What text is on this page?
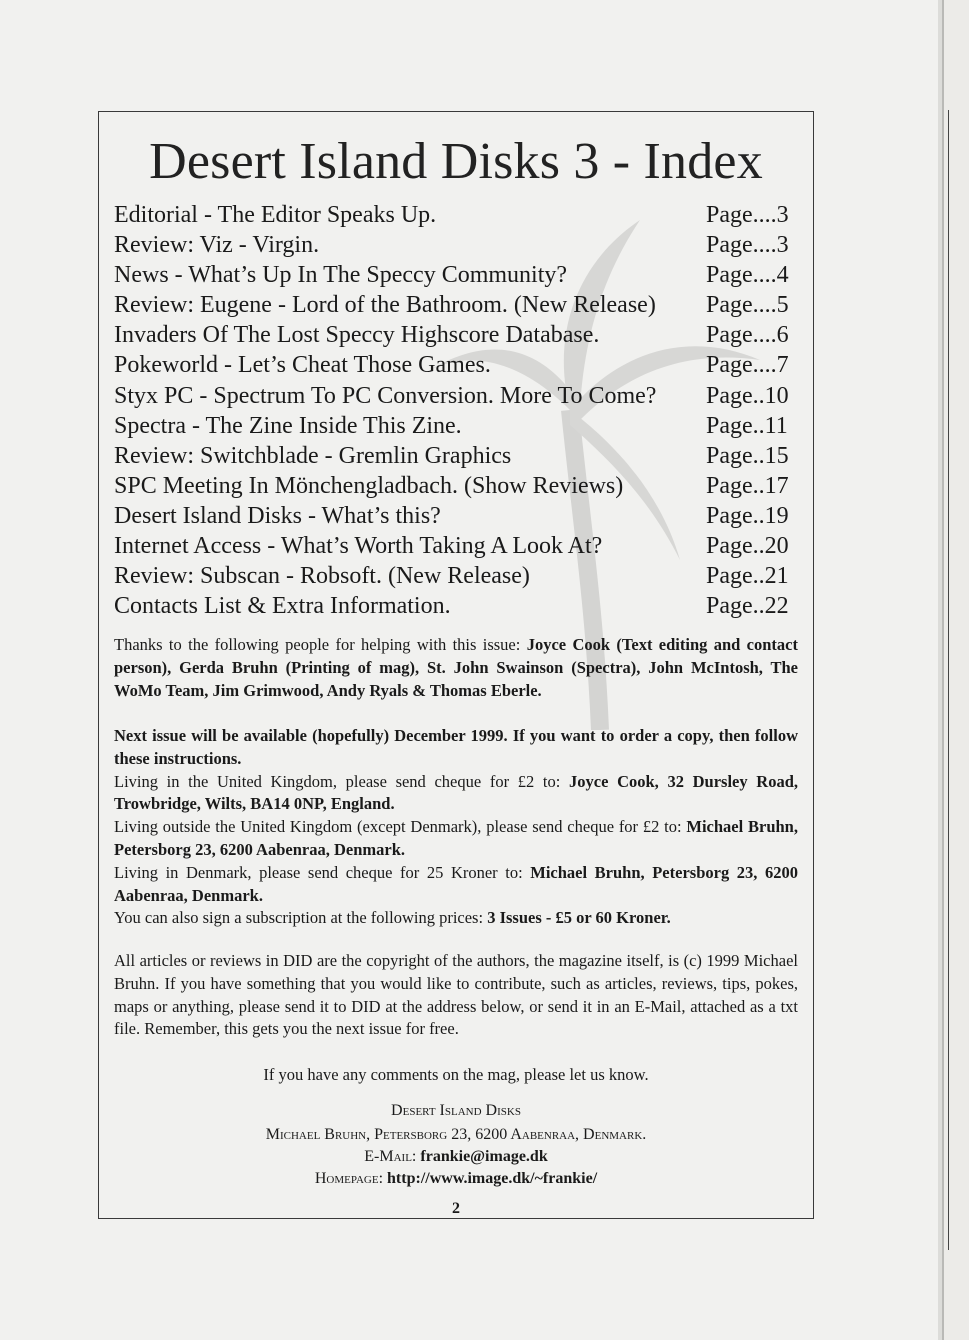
Desert Island Disks 3 - Index
Editorial - The Editor Speaks Up.	Page....3
Review: Viz - Virgin.	Page....3
News - What’s Up In The Speccy Community?	Page....4
Review: Eugene - Lord of the Bathroom. (New Release) Page....5
Invaders Of The Lost Speccy Highscore Database.	Page....6
Pokeworld - Let’s Cheat Those Games.	Page....7
Styx PC - Spectrum To PC Conversion. More To Come? Page..10
Spectra - The Zine Inside This Zine.	Page..11
Review: Switchblade - Gremlin Graphics	Page..15
SPC Meeting In Mönchengladbach. (Show Reviews)	Page..17
Desert Island Disks - What’s this?	Page..19
Internet Access - What’s Worth Taking A Look At?	Page..20
Review: Subscan - Robsoft. (New Release)	Page..21
Contacts List & Extra Information.	Page..22
Thanks to the following people for helping with this issue: Joyce Cook (Text editing and contact person), Gerda Bruhn (Printing of mag), St. John Swainson (Spectra), John McIntosh, The WoMo Team, Jim Grimwood, Andy Ryals & Thomas Eberle.
Next issue will be available (hopefully) December 1999. If you want to order a copy, then follow these instructions.
Living in the United Kingdom, please send cheque for £2 to: Joyce Cook, 32 Dursley Road, Trowbridge, Wilts, BA14 0NP, England.
Living outside the United Kingdom (except Denmark), please send cheque for £2 to: Michael Bruhn, Petersborg 23, 6200 Aabenraa, Denmark.
Living in Denmark, please send cheque for 25 Kroner to: Michael Bruhn, Petersborg 23, 6200 Aabenraa, Denmark.
You can also sign a subscription at the following prices: 3 Issues - £5 or 60 Kroner.
All articles or reviews in DID are the copyright of the authors, the magazine itself, is (c) 1999 Michael Bruhn. If you have something that you would like to contribute, such as articles, reviews, tips, pokes, maps or anything, please send it to DID at the address below, or send it in an E-Mail, attached as a txt file. Remember, this gets you the next issue for free.
If you have any comments on the mag, please let us know.
Desert Island Disks
Michael Bruhn, Petersborg 23, 6200 Aabenraa, Denmark.
E-Mail: frankie@image.dk
Homepage: http://www.image.dk/~frankie/
2
